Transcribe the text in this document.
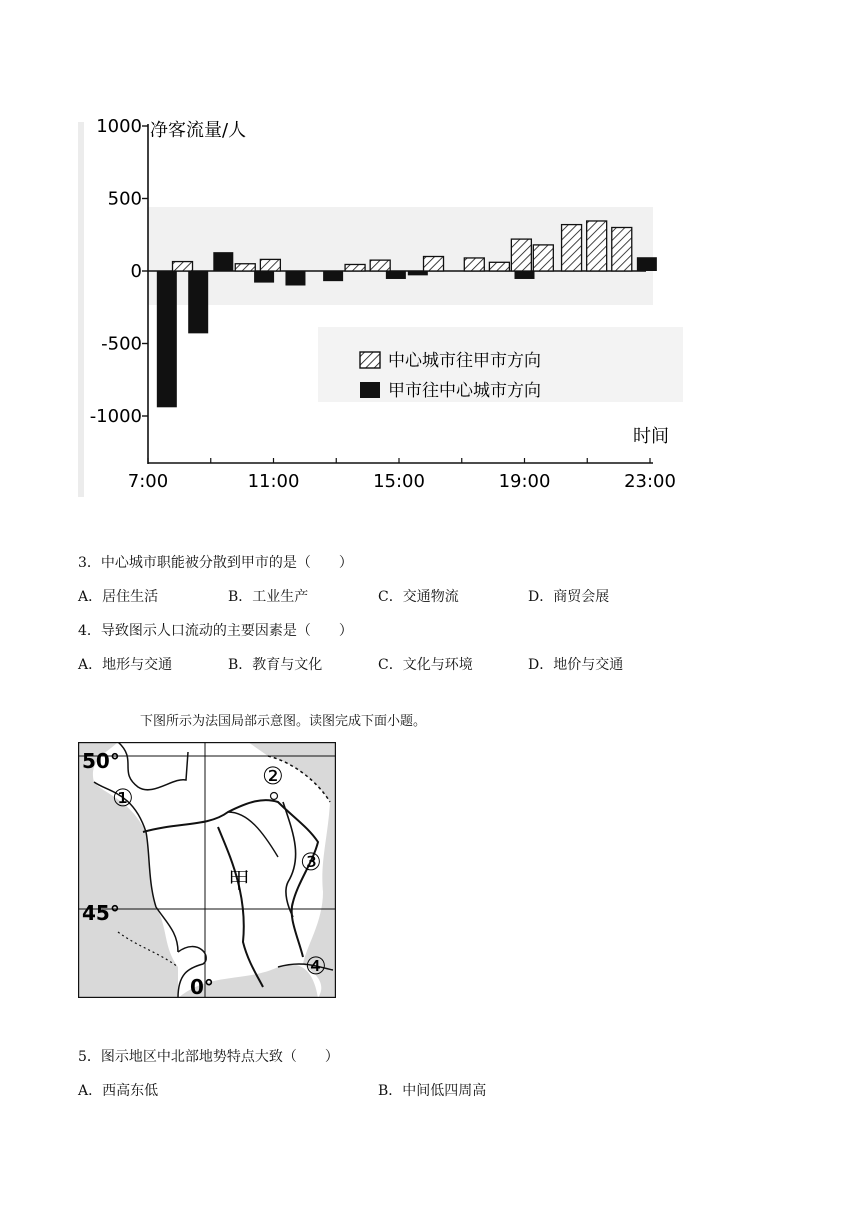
1000
500
0
-500
-1000
7:00	11:00	15:00	19:00	23:00
净客流量/人
时间
中心城市往甲市方向
甲市往中心城市方向
3．中心城市职能被分散到甲市的是（　　）
A．居住生活	B．工业生产	C．交通物流	D．商贸会展
4．导致图示人口流动的主要因素是（　　）
A．地形与交通	B．教育与文化	C．文化与环境	D．地价与交通
下图所示为法国局部示意图。读图完成下面小题。
50°
45°
0°
甲
①
②
③
④
5．图示地区中北部地势特点大致（　　）
A．西高东低	B．中间低四周高
